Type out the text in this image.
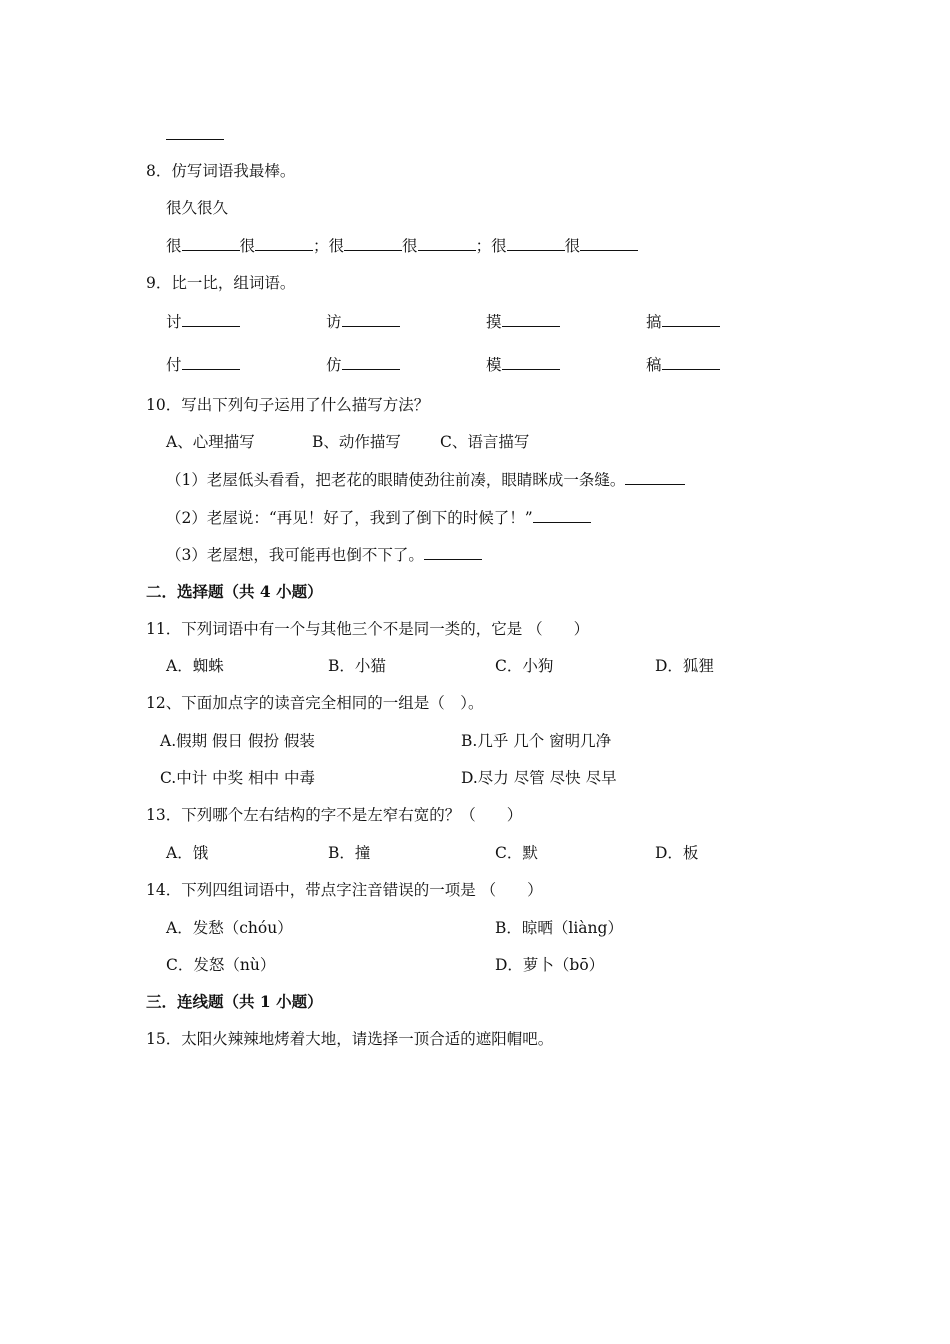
8．仿写词语我最棒。
很久很久
很	很	；很	很	；很	很
9．比一比，组词语。
讨	访	摸	搞
付	仿	模	稿
10．写出下列句子运用了什么描写方法？
A、心理描写	B、动作描写	C、语言描写
（1）老屋低头看看，把老花的眼睛使劲往前凑，眼睛眯成一条缝。
（2）老屋说：“再见！好了，我到了倒下的时候了！”
（3）老屋想，我可能再也倒不下了。
二．选择题（共 4 小题）
11．下列词语中有一个与其他三个不是同一类的，它是 （　　）
A．蜘蛛	B．小猫	C．小狗	D．狐狸
12、下面加点字的读音完全相同的一组是（　）。
A.假期 假日 假扮 假装	B.几乎 几个 窗明几净
C.中计 中奖 相中 中毒	D.尽力 尽管 尽快 尽早
13．下列哪个左右结构的字不是左窄右宽的？（　　）
A．饿	B．撞	C．默	D．板
14．下列四组词语中，带点字注音错误的一项是 （　　）
A．发愁（chóu）	B．晾晒（liàng）
C．发怒（nù）	D．萝卜（bō）
三．连线题（共 1 小题）
15．太阳火辣辣地烤着大地，请选择一顶合适的遮阳帽吧。
